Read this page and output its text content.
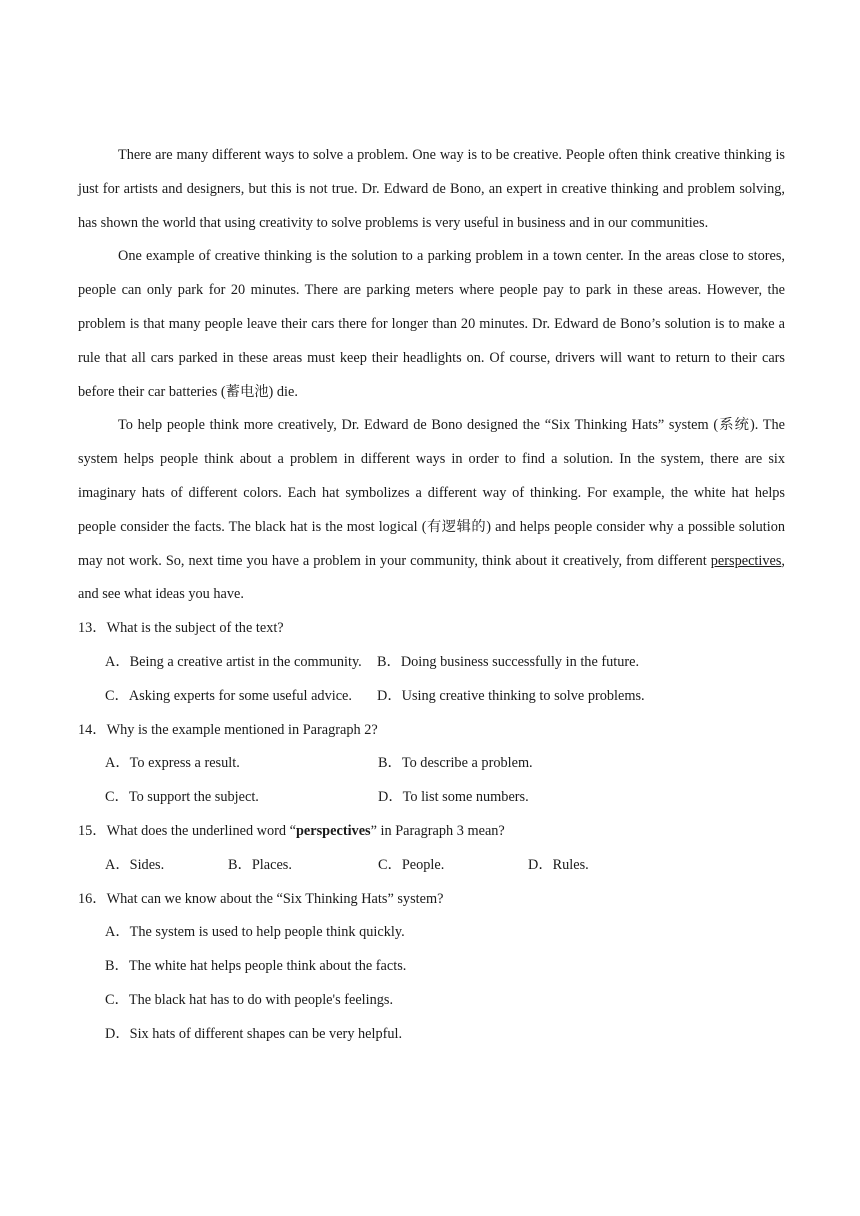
There are many different ways to solve a problem. One way is to be creative. People often think creative thinking is just for artists and designers, but this is not true. Dr. Edward de Bono, an expert in creative thinking and problem solving, has shown the world that using creativity to solve problems is very useful in business and in our communities.

One example of creative thinking is the solution to a parking problem in a town center. In the areas close to stores, people can only park for 20 minutes. There are parking meters where people pay to park in these areas. However, the problem is that many people leave their cars there for longer than 20 minutes. Dr. Edward de Bono’s solution is to make a rule that all cars parked in these areas must keep their headlights on. Of course, drivers will want to return to their cars before their car batteries (蓄电池) die.

To help people think more creatively, Dr. Edward de Bono designed the “Six Thinking Hats” system (系统). The system helps people think about a problem in different ways in order to find a solution. In the system, there are six imaginary hats of different colors. Each hat symbolizes a different way of thinking. For example, the white hat helps people consider the facts. The black hat is the most logical (有逻辑的) and helps people consider why a possible solution may not work. So, next time you have a problem in your community, think about it creatively, from different perspectives, and see what ideas you have.

13．What is the subject of the text?

A．Being a creative artist in the community. B．Doing business successfully in the future.
C．Asking experts for some useful advice. D．Using creative thinking to solve problems.

14．Why is the example mentioned in Paragraph 2?

A．To express a result.	B．To describe a problem.
C．To support the subject.	D．To list some numbers.

15．What does the underlined word “perspectives” in Paragraph 3 mean?

A．Sides.	B．Places.	C．People.	D．Rules.

16．What can we know about the “Six Thinking Hats” system?

A．The system is used to help people think quickly.
B．The white hat helps people think about the facts.
C．The black hat has to do with people's feelings.
D．Six hats of different shapes can be very helpful.
